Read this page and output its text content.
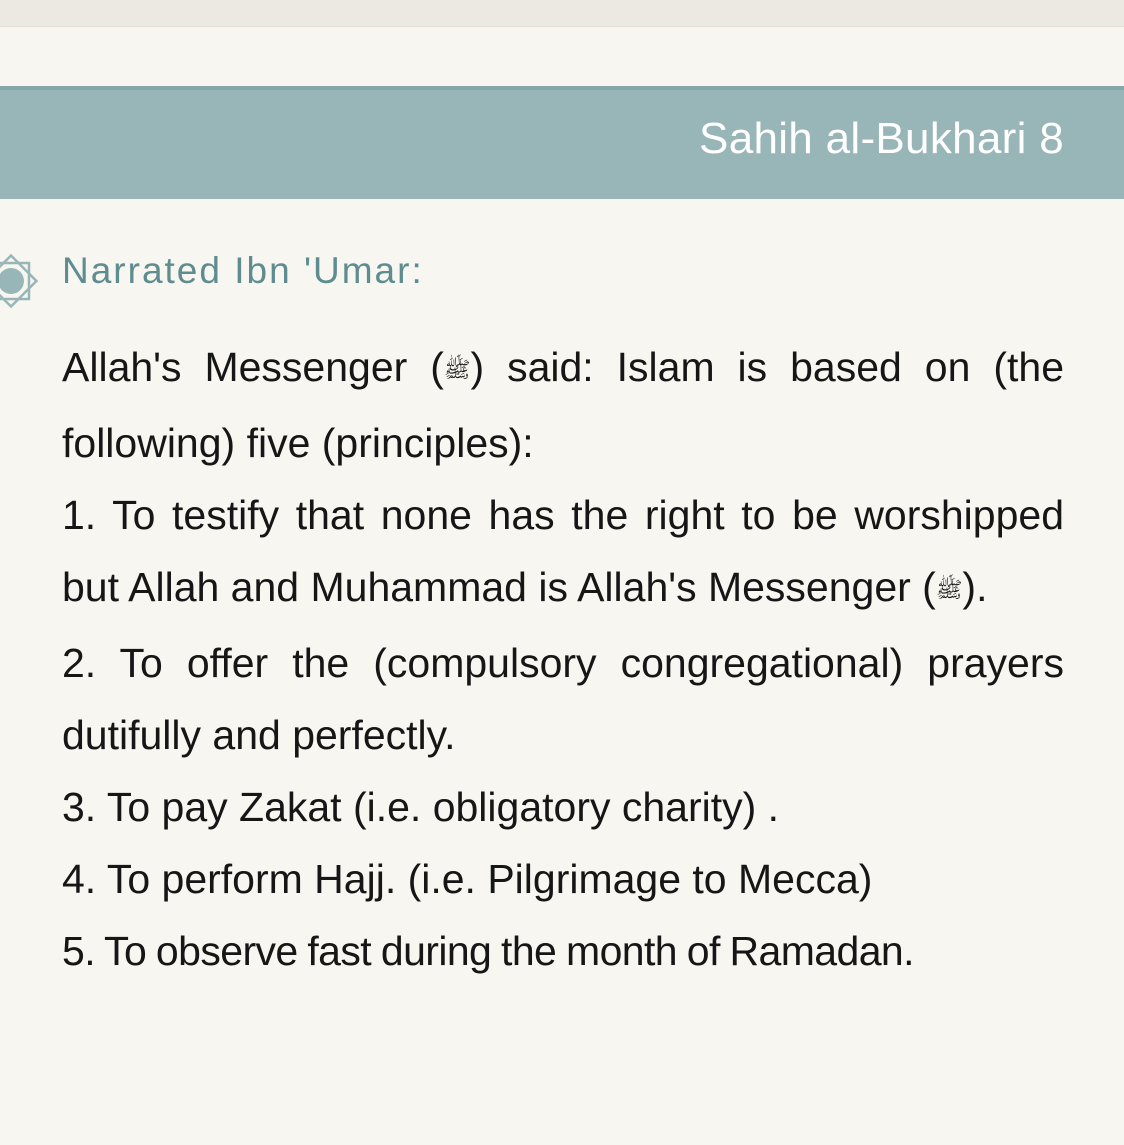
Sahih al-Bukhari 8
Narrated Ibn 'Umar:

Allah's Messenger (ﷺ) said: Islam is based on (the following) five (principles):

1. To testify that none has the right to be worshipped but Allah and Muhammad is Allah's Messenger (ﷺ).

2. To offer the (compulsory congregational) prayers dutifully and perfectly.

3. To pay Zakat (i.e. obligatory charity) .

4. To perform Hajj. (i.e. Pilgrimage to Mecca)

5. To observe fast during the month of Ramadan.
